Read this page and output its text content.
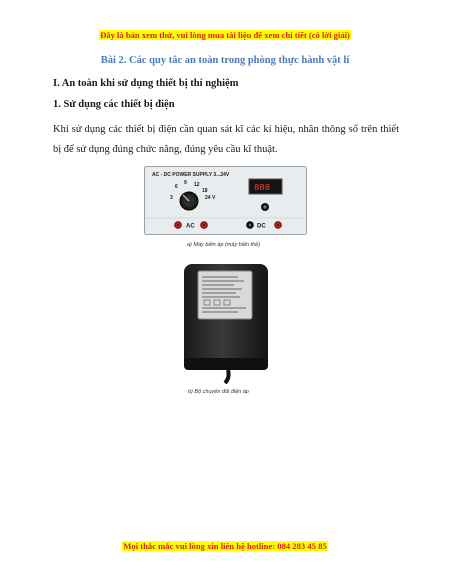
Đây là bản xem thử, vui lòng mua tài liệu để xem chi tiết (có lời giải)
Bài 2. Các quy tắc an toàn trong phòng thực hành vật lí
I. An toàn khi sử dụng thiết bị thí nghiệm
1. Sử dụng các thiết bị điện
Khi sử dụng các thiết bị điện cần quan sát kĩ các kí hiệu, nhãn thông số trên thiết bị để sử dụng đúng chức năng, đúng yêu cầu kĩ thuật.
AC - DC POWER SUPPLY 3...24V
3
6
9 12
18
24 V
888
AC	DC
a) Máy biến áp (máy biến thế)
b) Bộ chuyển đổi điện áp
Mọi thắc mắc vui lòng xin liên hệ hotline: 084 283 45 85
